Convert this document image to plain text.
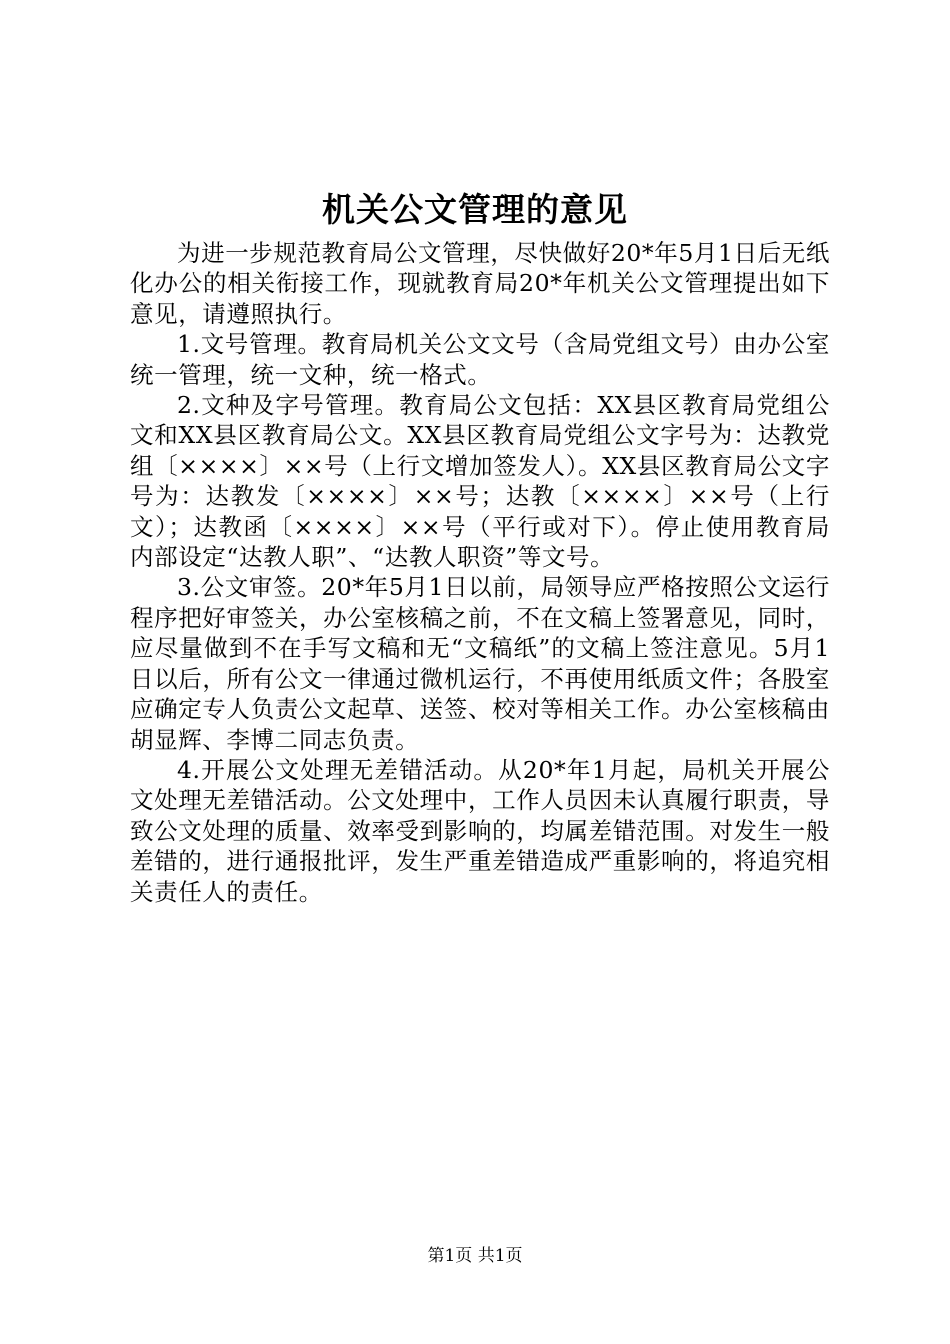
机关公文管理的意见

为进一步规范教育局公文管理，尽快做好20*年5月1日后无纸化办公的相关衔接工作，现就教育局20*年机关公文管理提出如下意见，请遵照执行。

1.文号管理。教育局机关公文文号（含局党组文号）由办公室统一管理，统一文种，统一格式。

2.文种及字号管理。教育局公文包括：XX县区教育局党组公文和XX县区教育局公文。XX县区教育局党组公文字号为：达教党组〔××××〕××号（上行文增加签发人）。XX县区教育局公文字号为：达教发〔××××〕××号；达教〔××××〕××号（上行文）；达教函〔××××〕××号（平行或对下）。停止使用教育局内部设定“达教人职”、“达教人职资”等文号。

3.公文审签。20*年5月1日以前，局领导应严格按照公文运行程序把好审签关，办公室核稿之前，不在文稿上签署意见，同时，应尽量做到不在手写文稿和无“文稿纸”的文稿上签注意见。5月1日以后，所有公文一律通过微机运行，不再使用纸质文件；各股室应确定专人负责公文起草、送签、校对等相关工作。办公室核稿由胡显辉、李博二同志负责。

4.开展公文处理无差错活动。从20*年1月起，局机关开展公文处理无差错活动。公文处理中，工作人员因未认真履行职责，导致公文处理的质量、效率受到影响的，均属差错范围。对发生一般差错的，进行通报批评，发生严重差错造成严重影响的，将追究相关责任人的责任。

第1页 共1页
